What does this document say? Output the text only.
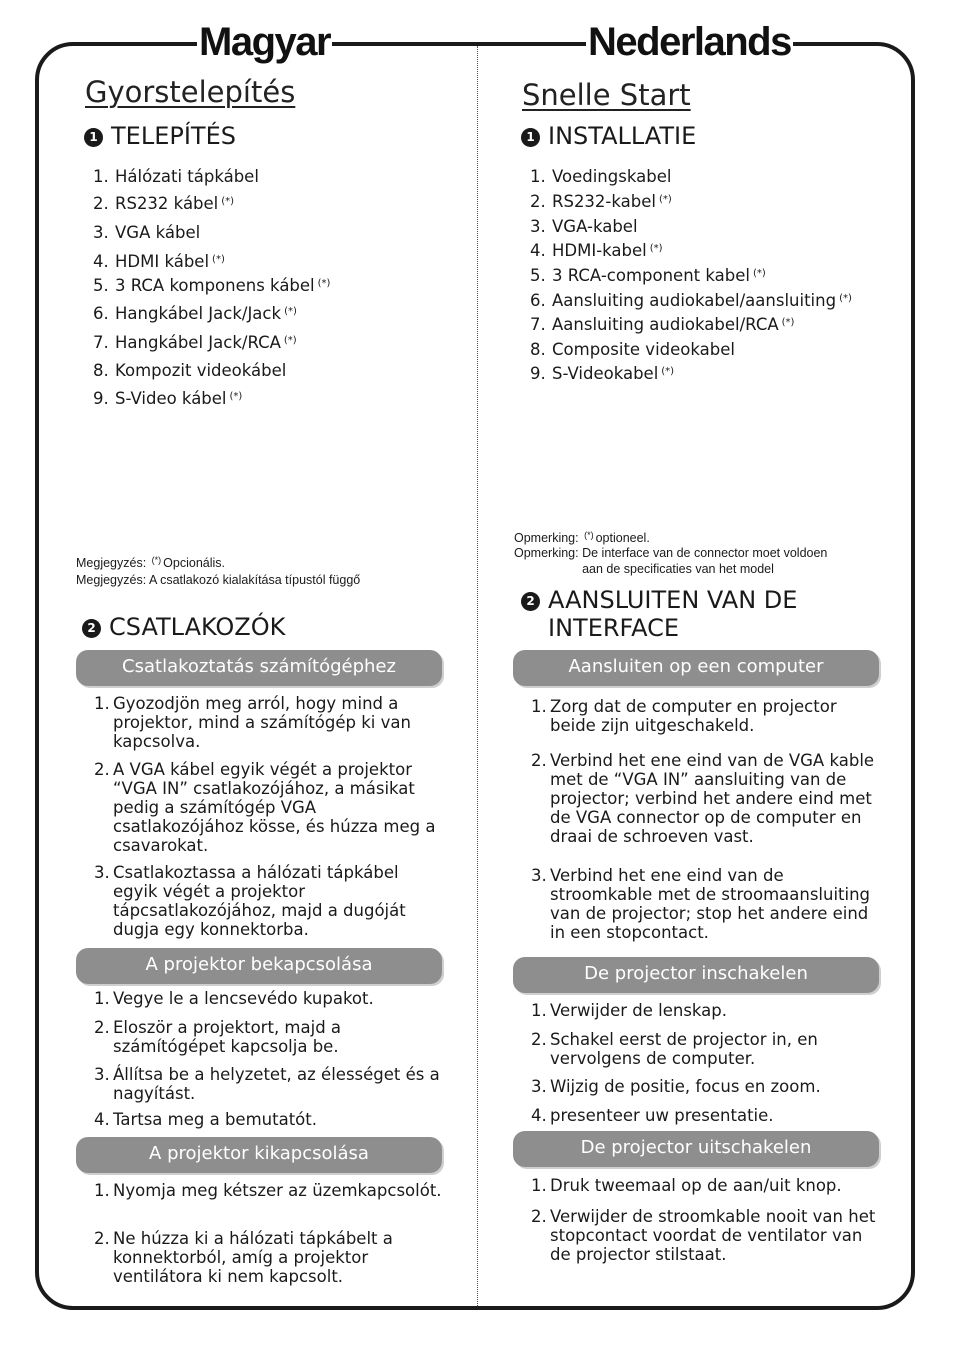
Magyar	Nederlands
Gyorstelepítés
1 TELEPÍTÉS
1. Hálózati tápkábel
2. RS232 kábel (*)
3. VGA kábel
4. HDMI kábel (*)
5. 3 RCA komponens kábel (*)
6. Hangkábel Jack/Jack (*)
7. Hangkábel Jack/RCA (*)
8. Kompozit videokábel
9. S-Video kábel (*)
Megjegyzés: (*) Opcionális.
Megjegyzés: A csatlakozó kialakítása típustól függő
2 CSATLAKOZÓK
Csatlakoztatás számítógéphez
1. Gyozodjön meg arról, hogy mind a projektor, mind a számítógép ki van kapcsolva.
2. A VGA kábel egyik végét a projektor “VGA IN” csatlakozójához, a másikat pedig a számítógép VGA csatlakozójához kösse, és húzza meg a csavarokat.
3. Csatlakoztassa a hálózati tápkábel egyik végét a projektor tápcsatlakozójához, majd a dugóját dugja egy konnektorba.
A projektor bekapcsolása
1. Vegye le a lencsevédo kupakot.
2. Eloször a projektort, majd a számítógépet kapcsolja be.
3. Állítsa be a helyzetet, az élességet és a nagyítást.
4. Tartsa meg a bemutatót.
A projektor kikapcsolása
1. Nyomja meg kétszer az üzemkapcsolót.
2. Ne húzza ki a hálózati tápkábelt a konnektorból, amíg a projektor ventilátora ki nem kapcsolt.
Snelle Start
1 INSTALLATIE
1. Voedingskabel
2. RS232-kabel (*)
3. VGA-kabel
4. HDMI-kabel (*)
5. 3 RCA-component kabel (*)
6. Aansluiting audiokabel/aansluiting (*)
7. Aansluiting audiokabel/RCA (*)
8. Composite videokabel
9. S-Videokabel (*)
Opmerking: (*) optioneel.
Opmerking: De interface van de connector moet voldoen
aan de specificaties van het model
2 AANSLUITEN VAN DE
INTERFACE
Aansluiten op een computer
1. Zorg dat de computer en projector beide zijn uitgeschakeld.
2. Verbind het ene eind van de VGA kable met de “VGA IN” aansluiting van de projector; verbind het andere eind met de VGA connector op de computer en draai de schroeven vast.
3. Verbind het ene eind van de stroomkable met de stroomaansluiting van de projector; stop het andere eind in een stopcontact.
De projector inschakelen
1. Verwijder de lenskap.
2. Schakel eerst de projector in, en vervolgens de computer.
3. Wijzig de positie, focus en zoom.
4. presenteer uw presentatie.
De projector uitschakelen
1. Druk tweemaal op de aan/uit knop.
2. Verwijder de stroomkable nooit van het stopcontact voordat de ventilator van de projector stilstaat.
